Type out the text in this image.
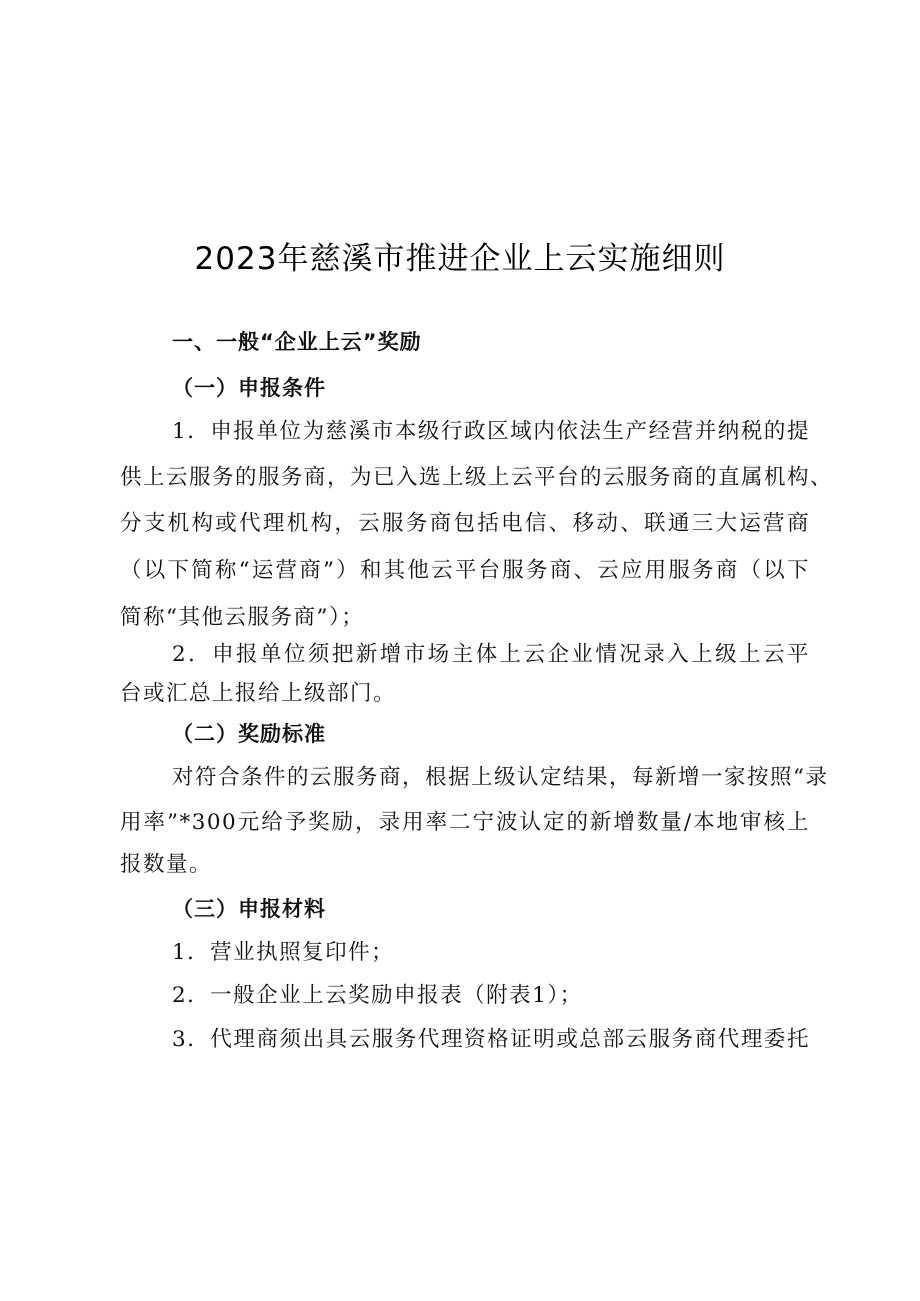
2023年慈溪市推进企业上云实施细则
一、一般“企业上云”奖励
（一）申报条件
1．申报单位为慈溪市本级行政区域内依法生产经营并纳税的提
供上云服务的服务商，为已入选上级上云平台的云服务商的直属机构、
分支机构或代理机构，云服务商包括电信、移动、联通三大运营商
（以下简称“运营商”）和其他云平台服务商、云应用服务商（以下
简称“其他云服务商”）；
2．申报单位须把新增市场主体上云企业情况录入上级上云平
台或汇总上报给上级部门。
（二）奖励标准
对符合条件的云服务商，根据上级认定结果，每新增一家按照“录
用率”*300元给予奖励，录用率二宁波认定的新增数量/本地审核上
报数量。
（三）申报材料
1．营业执照复印件；
2．一般企业上云奖励申报表（附表1）；
3．代理商须出具云服务代理资格证明或总部云服务商代理委托
